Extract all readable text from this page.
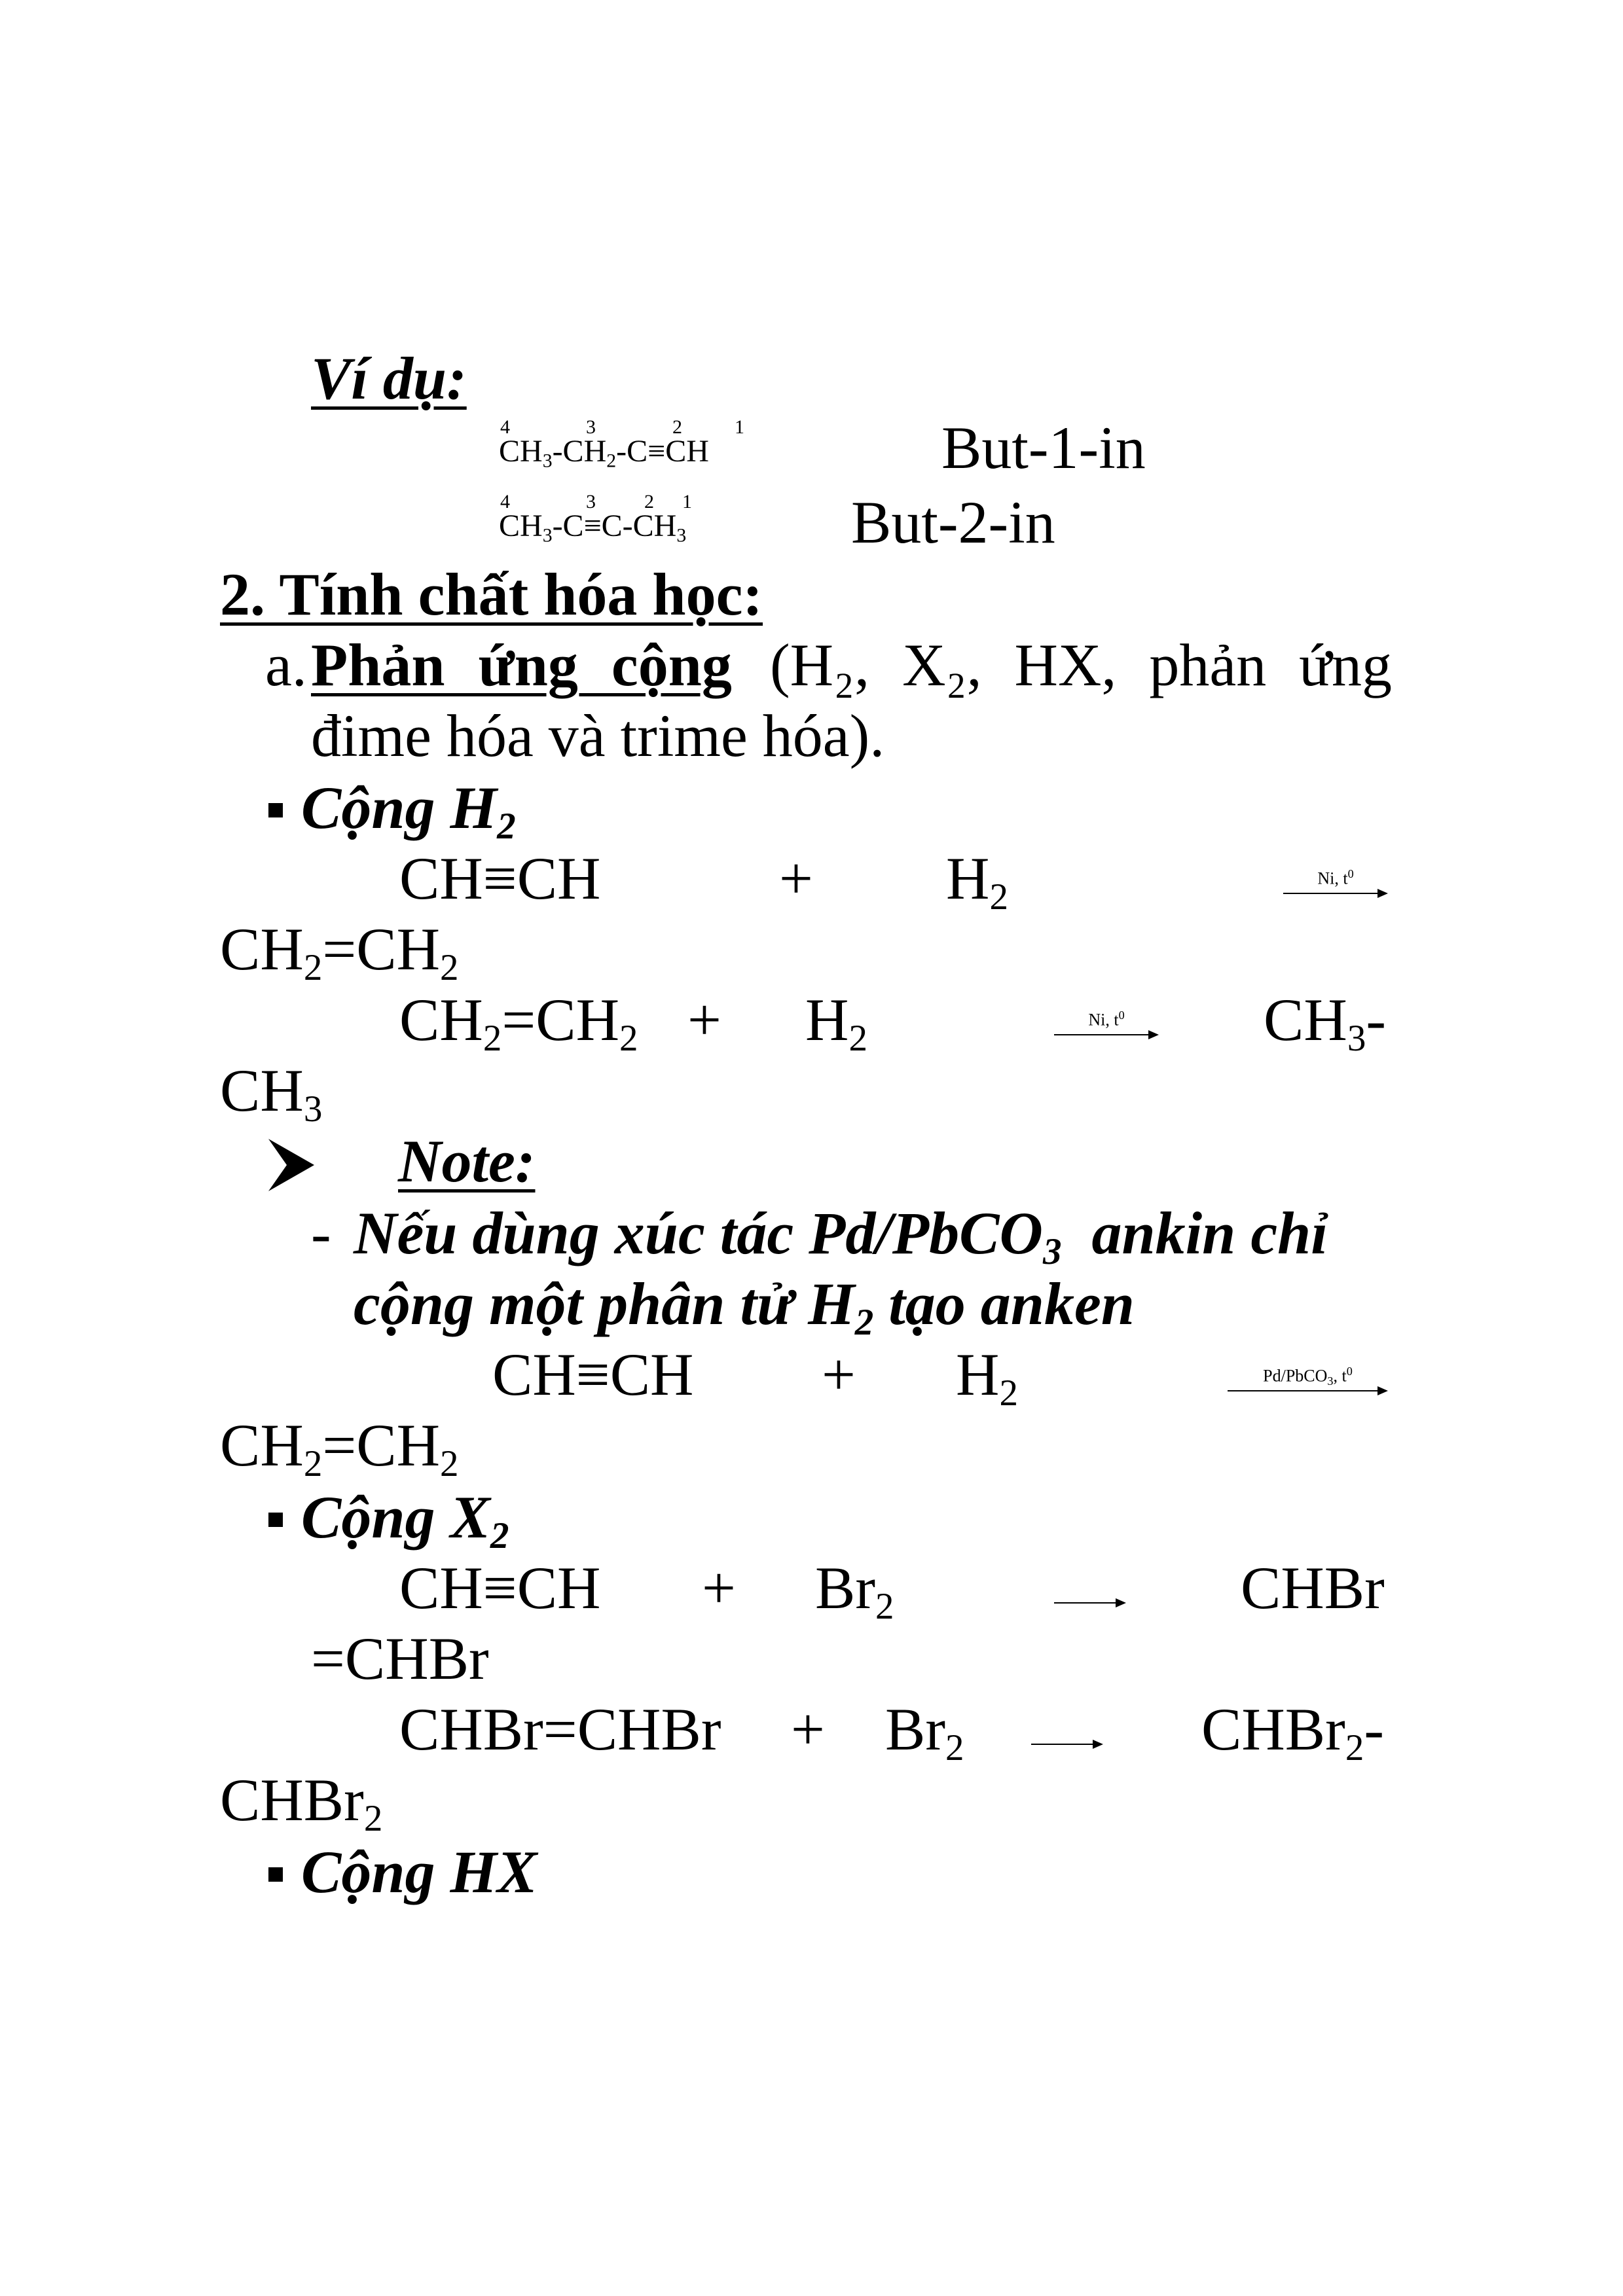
Ví dụ:
4	3	2	1
$CH_3-CH_2-C\equiv CH$	But-1-in
4	3 2 1
$CH_3-C\equiv C-CH_3$	But-2-in
2. Tính chất hóa học:
a. Phản ứng cộng (H₂, X₂, HX, phản ứng
đime hóa và trime hóa).
Cộng $H_2$
CH≡CH	+ $H_2$	Ni, $t^0$
$CH_2=CH_2$
$CH_2=CH_2 + H_2$	Ni, $t^0$	$CH_3-$
$CH_3$
Note:
- Nếu dùng xúc tác Pd/PbCO$_3$  ankin chỉ
cộng một phân tử $H_2$ tạo anken
$CH\equiv CH + H_2$	Pd/PbCO$_3$, $t^0$
$CH_2=CH_2$
Cộng $X_2$
$CH\equiv CH + Br_2$	CHBr
=CHBr
CHBr=CHBr + $Br_2$	CHBr$_2$-
CHBr$_2$
Cộng HX
